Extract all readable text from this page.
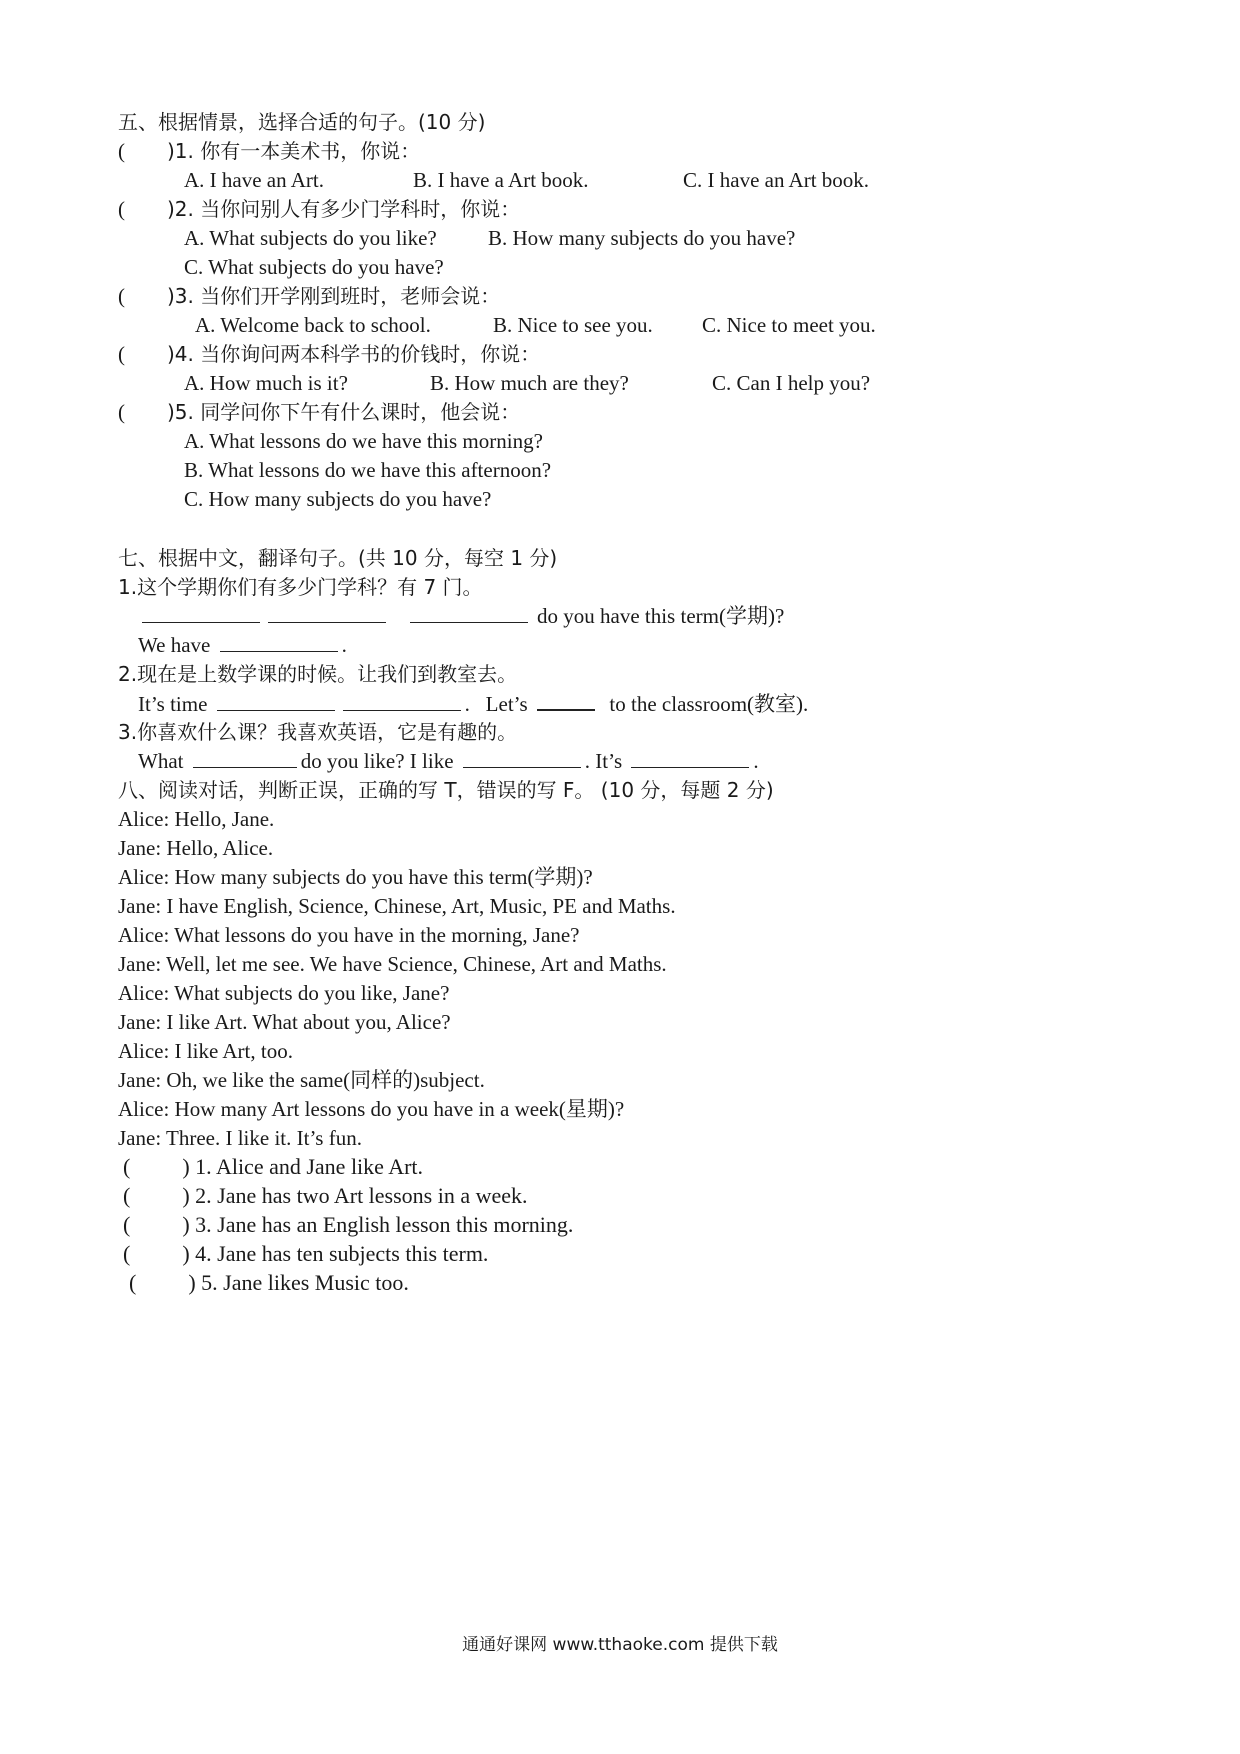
五、根据情景，选择合适的句子。(10 分)
( )1. 你有一本美术书，你说：
A. I have an Art.	B. I have a Art book.	C. I have an Art book.
( )2. 当你问别人有多少门学科时，你说：
A. What subjects do you like? B. How many subjects do you have?
C. What subjects do you have?
( )3. 当你们开学刚到班时，老师会说：
A. Welcome back to school.	B. Nice to see you. C. Nice to meet you.
( )4. 当你询问两本科学书的价钱时，你说：
A. How much is it?	B. How much are they?	C. Can I help you?
( )5. 同学问你下午有什么课时，他会说：
A. What lessons do we have this morning?
B. What lessons do we have this afternoon?
C. How many subjects do you have?
七、根据中文，翻译句子。(共 10 分，每空 1 分)
1.这个学期你们有多少门学科？有 7 门。
do you have this term(学期)?
We have	.
2.现在是上数学课的时候。让我们到教室去。
It’s time	.   Let’s	to the classroom(教室).
3.你喜欢什么课？我喜欢英语，它是有趣的。
What	do you like? I like	. It’s	.
八、阅读对话，判断正误，正确的写 T，错误的写 F。 (10 分，每题 2 分)
Alice: Hello, Jane.
Jane: Hello, Alice.
Alice: How many subjects do you have this term(学期)?
Jane: I have English, Science, Chinese, Art, Music, PE and Maths.
Alice: What lessons do you have in the morning, Jane?
Jane: Well, let me see. We have Science, Chinese, Art and Maths.
Alice: What subjects do you like, Jane?
Jane: I like Art. What about you, Alice?
Alice: I like Art, too.
Jane: Oh, we like the same(同样的)subject.
Alice: How many Art lessons do you have in a week(星期)?
Jane: Three. I like it. It’s fun.
( ) 1. Alice and Jane like Art.
( ) 2. Jane has two Art lessons in a week.
( ) 3. Jane has an English lesson this morning.
( ) 4. Jane has ten subjects this term.
( ) 5. Jane likes Music too.
通通好课网 www.tthaoke.com 提供下载
